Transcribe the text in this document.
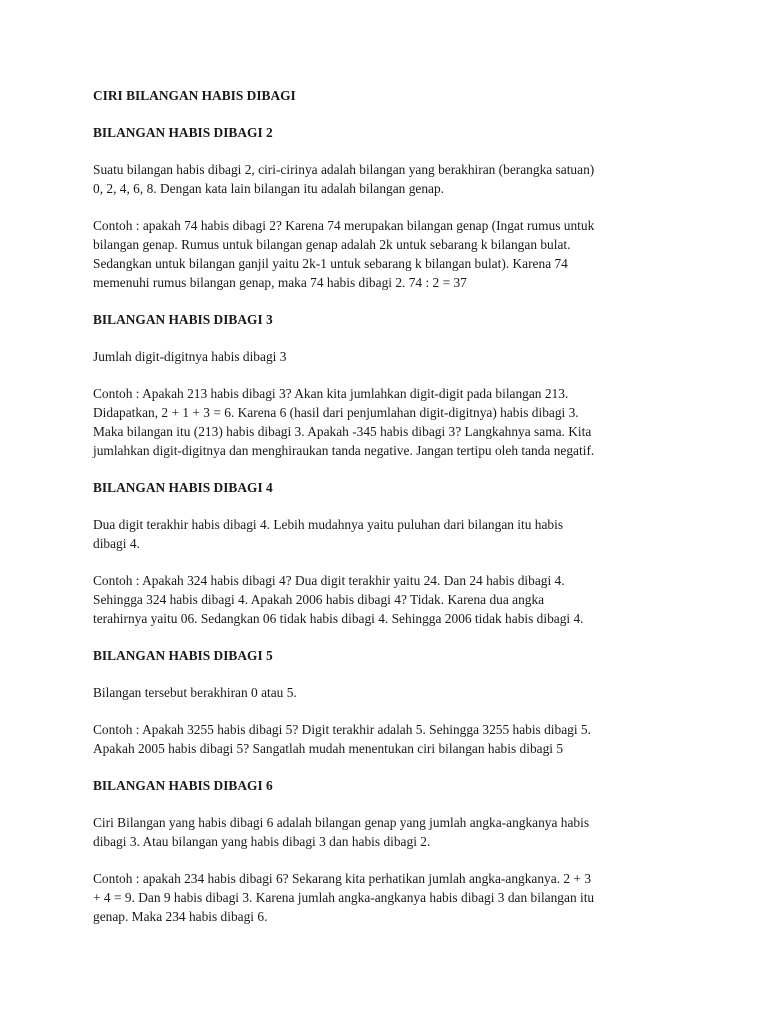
CIRI BILANGAN HABIS DIBAGI
BILANGAN HABIS DIBAGI 2
Suatu bilangan habis dibagi 2, ciri-cirinya adalah bilangan yang berakhiran (berangka satuan)
0, 2, 4, 6, 8. Dengan kata lain bilangan itu adalah bilangan genap.
Contoh : apakah 74 habis dibagi 2? Karena 74 merupakan bilangan genap (Ingat rumus untuk
bilangan genap. Rumus untuk bilangan genap adalah 2k untuk sebarang k bilangan bulat.
Sedangkan untuk bilangan ganjil yaitu 2k-1 untuk sebarang k bilangan bulat). Karena 74
memenuhi rumus bilangan genap, maka 74 habis dibagi 2. 74 : 2 = 37
BILANGAN HABIS DIBAGI 3
Jumlah digit-digitnya habis dibagi 3
Contoh : Apakah 213 habis dibagi 3? Akan kita jumlahkan digit-digit pada bilangan 213.
Didapatkan, 2 + 1 + 3 = 6. Karena 6 (hasil dari penjumlahan digit-digitnya) habis dibagi 3.
Maka bilangan itu (213) habis dibagi 3. Apakah -345 habis dibagi 3? Langkahnya sama. Kita
jumlahkan digit-digitnya dan menghiraukan tanda negative. Jangan tertipu oleh tanda negatif.
BILANGAN HABIS DIBAGI 4
Dua digit terakhir habis dibagi 4. Lebih mudahnya yaitu puluhan dari bilangan itu habis
dibagi 4.
Contoh : Apakah 324 habis dibagi 4? Dua digit terakhir yaitu 24. Dan 24 habis dibagi 4.
Sehingga 324 habis dibagi 4. Apakah 2006 habis dibagi 4? Tidak. Karena dua angka
terahirnya yaitu 06. Sedangkan 06 tidak habis dibagi 4. Sehingga 2006 tidak habis dibagi 4.
BILANGAN HABIS DIBAGI 5
Bilangan tersebut berakhiran 0 atau 5.
Contoh : Apakah 3255 habis dibagi 5? Digit terakhir adalah 5. Sehingga 3255 habis dibagi 5.
Apakah 2005 habis dibagi 5? Sangatlah mudah menentukan ciri bilangan habis dibagi 5
BILANGAN HABIS DIBAGI 6
Ciri Bilangan yang habis dibagi 6 adalah bilangan genap yang jumlah angka-angkanya habis
dibagi 3. Atau bilangan yang habis dibagi 3 dan habis dibagi 2.
Contoh : apakah 234 habis dibagi 6? Sekarang kita perhatikan jumlah angka-angkanya. 2 + 3
+ 4 = 9. Dan 9 habis dibagi 3. Karena jumlah angka-angkanya habis dibagi 3 dan bilangan itu
genap. Maka 234 habis dibagi 6.
